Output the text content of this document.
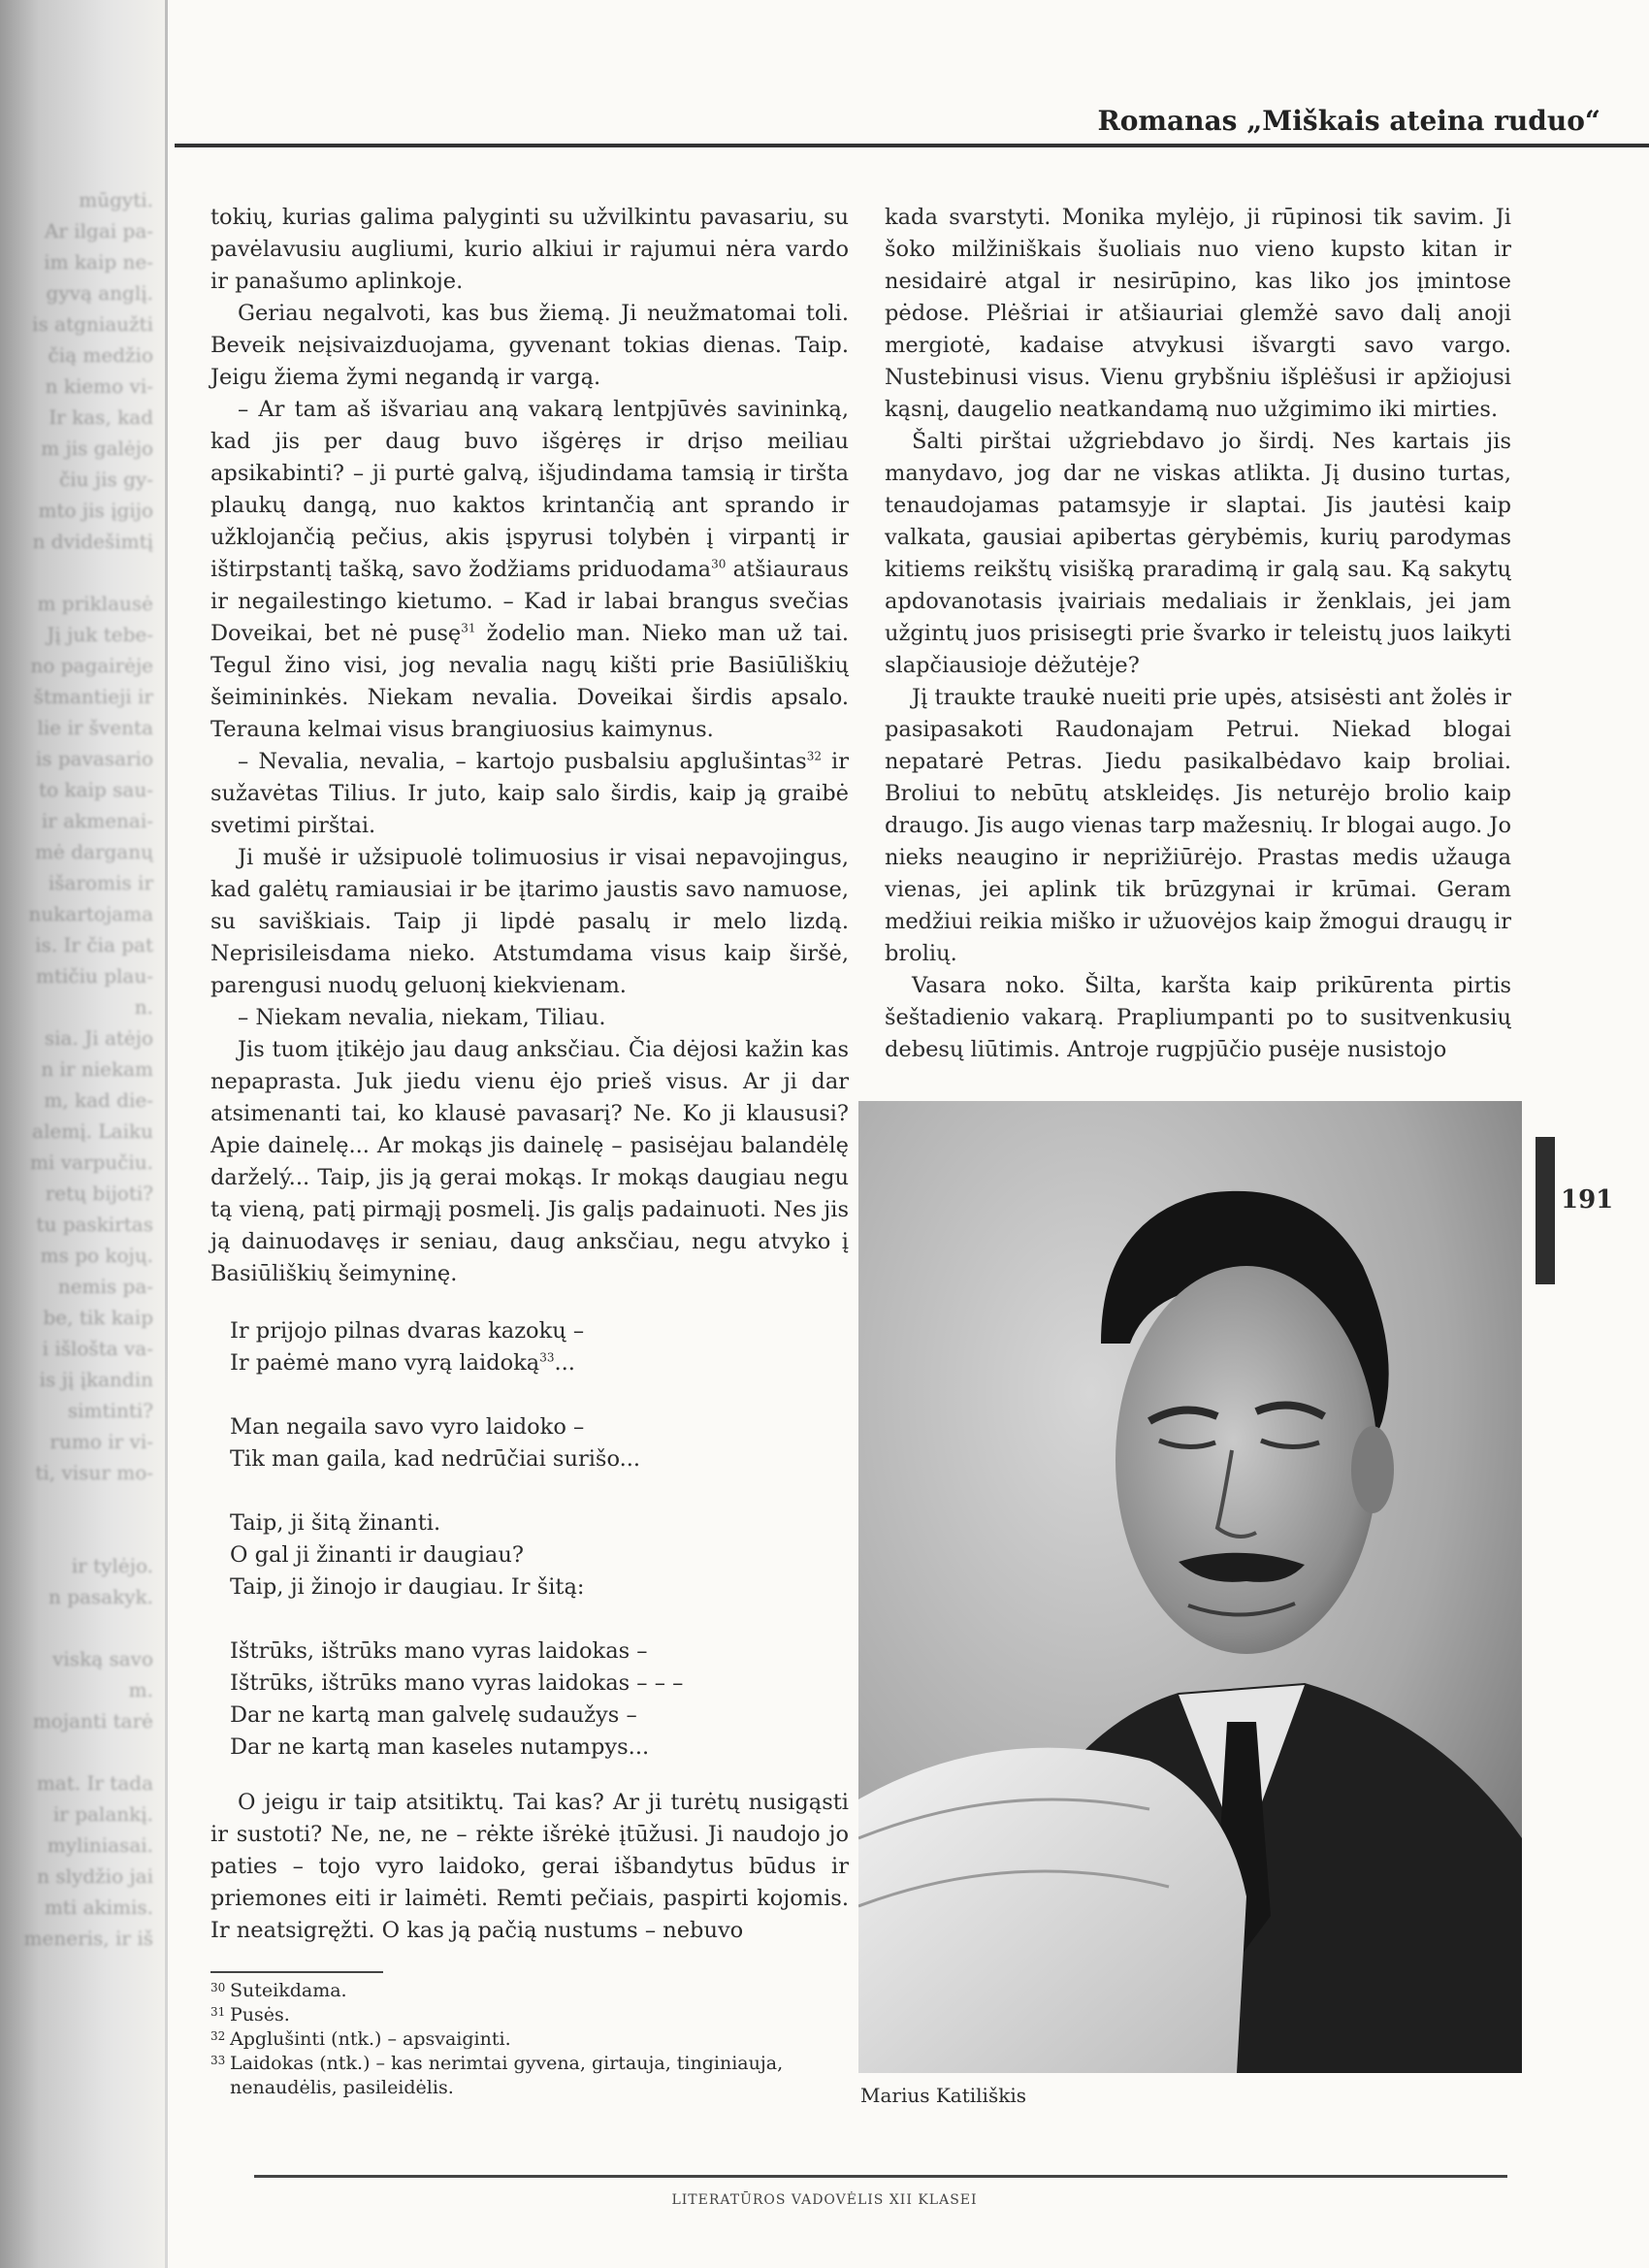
mūgyti.
Ar ilgai pa-
im kaip ne-
gyvą anglį.
is atgniaužti
čią medžio
n kiemo vi-
Ir kas, kad
m jis galėjo
čiu jis gy-
mto jis įgijo
n dvidešimtį

m priklausė
Jį juk tebe-
no pagairėje
štmantieji ir
lie ir šventa
is pavasario
to kaip sau-
ir akmenai-
mė darganų
išaromis ir
nukartojama
is. Ir čia pat
mtičiu plau-
n.
sia. Ji atėjo
n ir niekam
m, kad die-
alemį. Laiku
mi varpučiu.
retų bijoti?
tu paskirtas
ms po kojų.
nemis pa-
be, tik kaip
i išlošta va-
is jį įkandin
simtinti?
rumo ir vi-
ti, visur mo-

ir tylėjo.
n pasakyk.

viską savo
m.
mojanti tarė

mat. Ir tada
ir palankį.
myliniasai.
n slydžio jai
mti akimis.
meneris, ir iš
Romanas „Miškais ateina ruduo“

tokių, kurias galima palyginti su užvilkintu pavasariu, su pavėlavusiu augliumi, kurio alkiui ir rajumui nėra vardo ir panašumo aplinkoje.

Geriau negalvoti, kas bus žiemą. Ji neužmatomai toli. Beveik neįsivaizduojama, gyvenant tokias dienas. Taip. Jeigu žiema žymi negandą ir vargą.

– Ar tam aš išvariau aną vakarą lentpjūvės savininką, kad jis per daug buvo išgėręs ir drįso meiliau apsikabinti? – ji purtė galvą, išjudindama tamsią ir tiršta plaukų dangą, nuo kaktos krintančią ant sprando ir užklojančią pečius, akis įspyrusi tolybėn į virpantį ir ištirpstantį tašką, savo žodžiams priduodama$^{30}$ atšiauraus ir negailestingo kietumo. – Kad ir labai brangus svečias Doveikai, bet nė pusę$^{31}$ žodelio man. Nieko man už tai. Tegul žino visi, jog nevalia nagų kišti prie Basiūliškių šeimininkės. Niekam nevalia. Doveikai širdis apsalo. Terauna kelmai visus brangiuosius kaimynus.

– Nevalia, nevalia, – kartojo pusbalsiu apglušintas$^{32}$ ir sužavėtas Tilius. Ir juto, kaip salo širdis, kaip ją graibė svetimi pirštai.

Ji mušė ir užsipuolė tolimuosius ir visai nepavojingus, kad galėtų ramiausiai ir be įtarimo jaustis savo namuose, su saviškiais. Taip ji lipdė pasalų ir melo lizdą. Neprisileisdama nieko. Atstumdama visus kaip širšė, parengusi nuodų geluonį kiekvienam.

– Niekam nevalia, niekam, Tiliau.

Jis tuom įtikėjo jau daug anksčiau. Čia dėjosi kažin kas nepaprasta. Juk jiedu vienu ėjo prieš visus. Ar ji dar atsimenanti tai, ko klausė pavasarį? Ne. Ko ji klaususi? Apie dainelę... Ar mokąs jis dainelę – pasisėjau balandėlę darželý... Taip, jis ją gerai mokąs. Ir mokąs daugiau negu tą vieną, patį pirmąjį posmelį. Jis galįs padainuoti. Nes jis ją dainuodavęs ir seniau, daug anksčiau, negu atvyko į Basiūliškių šeimyninę.

Ir prijojo pilnas dvaras kazokų –
Ir paėmė mano vyrą laidoką$^{33}$...
Man negaila savo vyro laidoko –
Tik man gaila, kad nedrūčiai surišo...
Taip, ji šitą žinanti.
O gal ji žinanti ir daugiau?
Taip, ji žinojo ir daugiau. Ir šitą:
Ištrūks, ištrūks mano vyras laidokas –
Ištrūks, ištrūks mano vyras laidokas – – –
Dar ne kartą man galvelę sudaužys –
Dar ne kartą man kaseles nutampys...

O jeigu ir taip atsitiktų. Tai kas? Ar ji turėtų nusigąsti ir sustoti? Ne, ne, ne – rėkte išrėkė įtūžusi. Ji naudojo jo paties – tojo vyro laidoko, gerai išbandytus būdus ir priemones eiti ir laimėti. Remti pečiais, paspirti kojomis. Ir neatsigręžti. O kas ją pačią nustums – nebuvo

30 Suteikdama.
31 Pusės.
32 Apglušinti (ntk.) – apsvaiginti.
33 Laidokas (ntk.) – kas nerimtai gyvena, girtauja, tinginiauja, nenaudėlis, pasileidėlis.

kada svarstyti. Monika mylėjo, ji rūpinosi tik savim. Ji šoko milžiniškais šuoliais nuo vieno kupsto kitan ir nesidairė atgal ir nesirūpino, kas liko jos įmintose pėdose. Plėšriai ir atšiauriai glemžė savo dalį anoji mergiotė, kadaise atvykusi išvargti savo vargo. Nustebinusi visus. Vienu grybšniu išplėšusi ir apžiojusi kąsnį, daugelio neatkandamą nuo užgimimo iki mirties.

Šalti pirštai užgriebdavo jo širdį. Nes kartais jis manydavo, jog dar ne viskas atlikta. Jį dusino turtas, tenaudojamas patamsyje ir slaptai. Jis jautėsi kaip valkata, gausiai apibertas gėrybėmis, kurių parodymas kitiems reikštų visišką praradimą ir galą sau. Ką sakytų apdovanotasis įvairiais medaliais ir ženklais, jei jam užgintų juos prisisegti prie švarko ir teleistų juos laikyti slapčiausioje dėžutėje?

Jį traukte traukė nueiti prie upės, atsisėsti ant žolės ir pasipasakoti Raudonajam Petrui. Niekad blogai nepatarė Petras. Jiedu pasikalbėdavo kaip broliai. Broliui to nebūtų atskleidęs. Jis neturėjo brolio kaip draugo. Jis augo vienas tarp mažesnių. Ir blogai augo. Jo nieks neaugino ir neprižiūrėjo. Prastas medis užauga vienas, jei aplink tik brūzgynai ir krūmai. Geram medžiui reikia miško ir užuovėjos kaip žmogui draugų ir brolių.

Vasara noko. Šilta, karšta kaip prikūrenta pirtis šeštadienio vakarą. Prapliumpanti po to susitvenkusių debesų liūtimis. Antroje rugpjūčio pusėje nusistojo

Marius Katiliškis
191
LITERATŪROS VADOVĖLIS XII KLASEI
